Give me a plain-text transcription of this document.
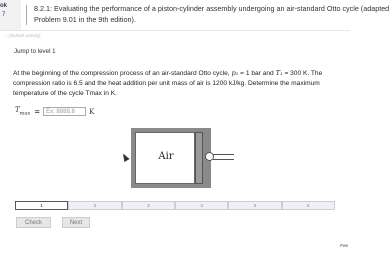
ok
7
8.2.1: Evaluating the performance of a piston-cylinder assembly undergoing an air-standard Otto cycle (adapted
Problem 9.01 in the 9th edition).
...(School activity)
Jump to level 1
At the beginning of the compression process of an air-standard Otto cycle, p₁ = 1 bar and T₁ = 300 K. The
compression ratio is 6.5 and the heat addition per unit mass of air is 1200 kJ/kg. Determine the maximum
temperature of the cycle Tmax in K.
$T_{max}$ =	Ex: 8888.8	K
Air
1	2	3	4	5	6
Check	Next
Fee
